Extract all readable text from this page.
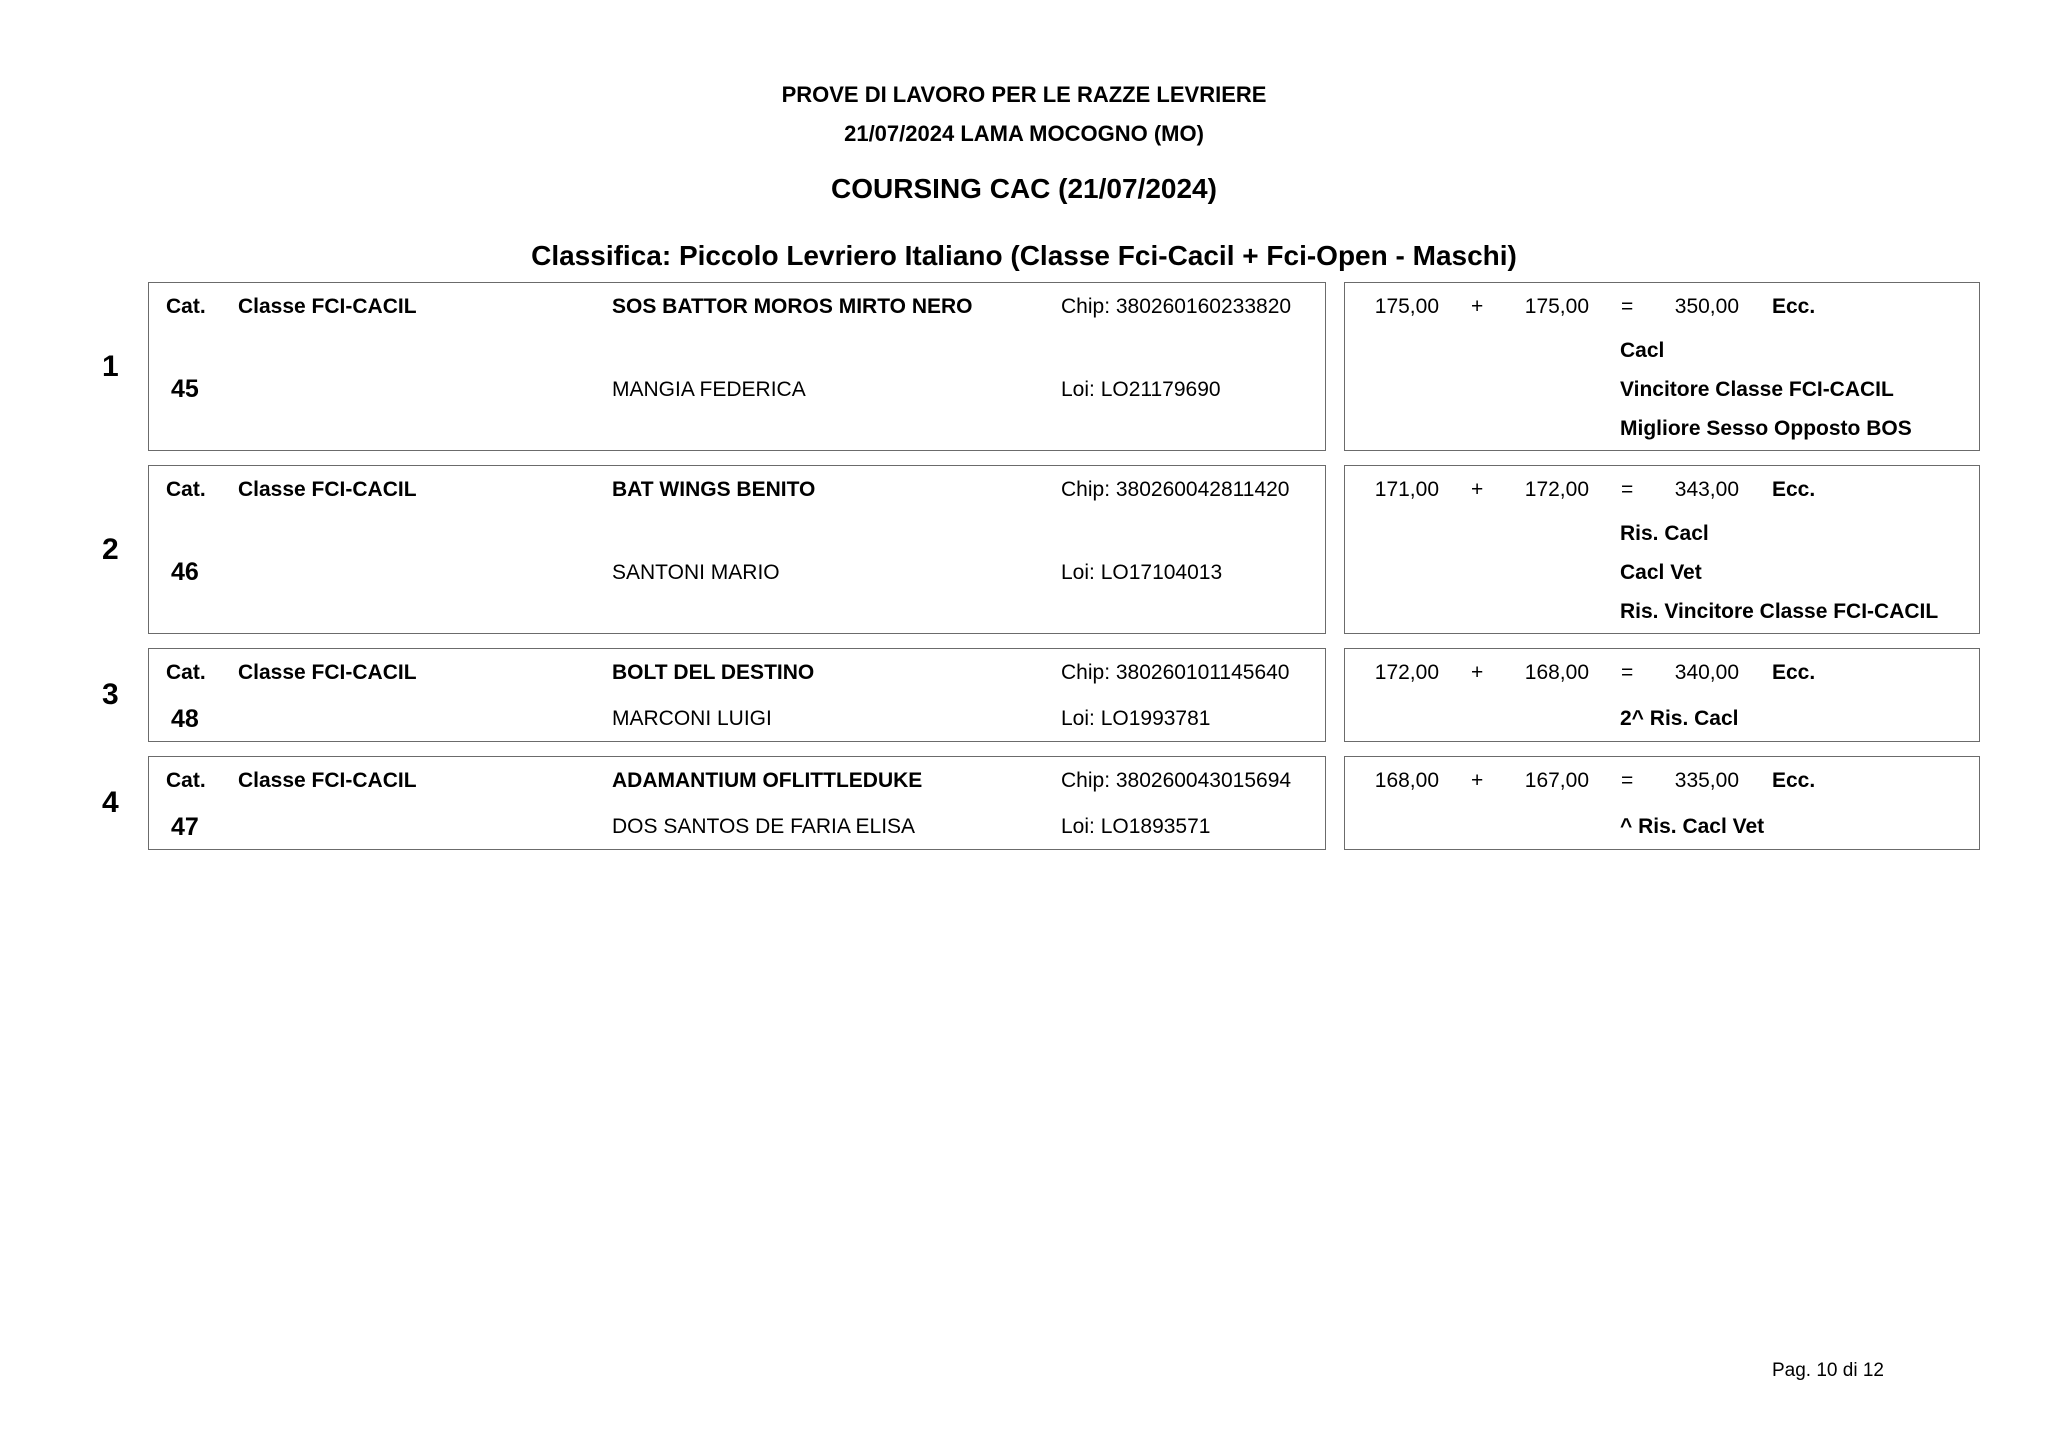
PROVE DI LAVORO PER LE RAZZE LEVRIERE
21/07/2024 LAMA MOCOGNO (MO)
COURSING CAC (21/07/2024)
Classifica: Piccolo Levriero Italiano (Classe Fci-Cacil + Fci-Open - Maschi)
1
Cat. Classe FCI-CACIL	SOS BATTOR MOROS MIRTO NERO	Chip: 380260160233820
45	MANGIA FEDERICA	Loi: LO21179690
175,00 +	175,00 =	350,00 Ecc.
Cacl
Vincitore Classe FCI-CACIL
Migliore Sesso Opposto BOS
2
Cat. Classe FCI-CACIL	BAT WINGS BENITO	Chip: 380260042811420
46	SANTONI MARIO	Loi: LO17104013
171,00 +	172,00 =	343,00 Ecc.
Ris. Cacl
Cacl Vet
Ris. Vincitore Classe FCI-CACIL
3
Cat. Classe FCI-CACIL	BOLT DEL DESTINO	Chip: 380260101145640
48	MARCONI LUIGI	Loi: LO1993781
172,00 +	168,00 =	340,00 Ecc.
2^ Ris. Cacl
4
Cat. Classe FCI-CACIL	ADAMANTIUM OFLITTLEDUKE	Chip: 380260043015694
47	DOS SANTOS DE FARIA ELISA	Loi: LO1893571
168,00 +	167,00 =	335,00 Ecc.
^ Ris. Cacl Vet
Pag. 10 di 12
